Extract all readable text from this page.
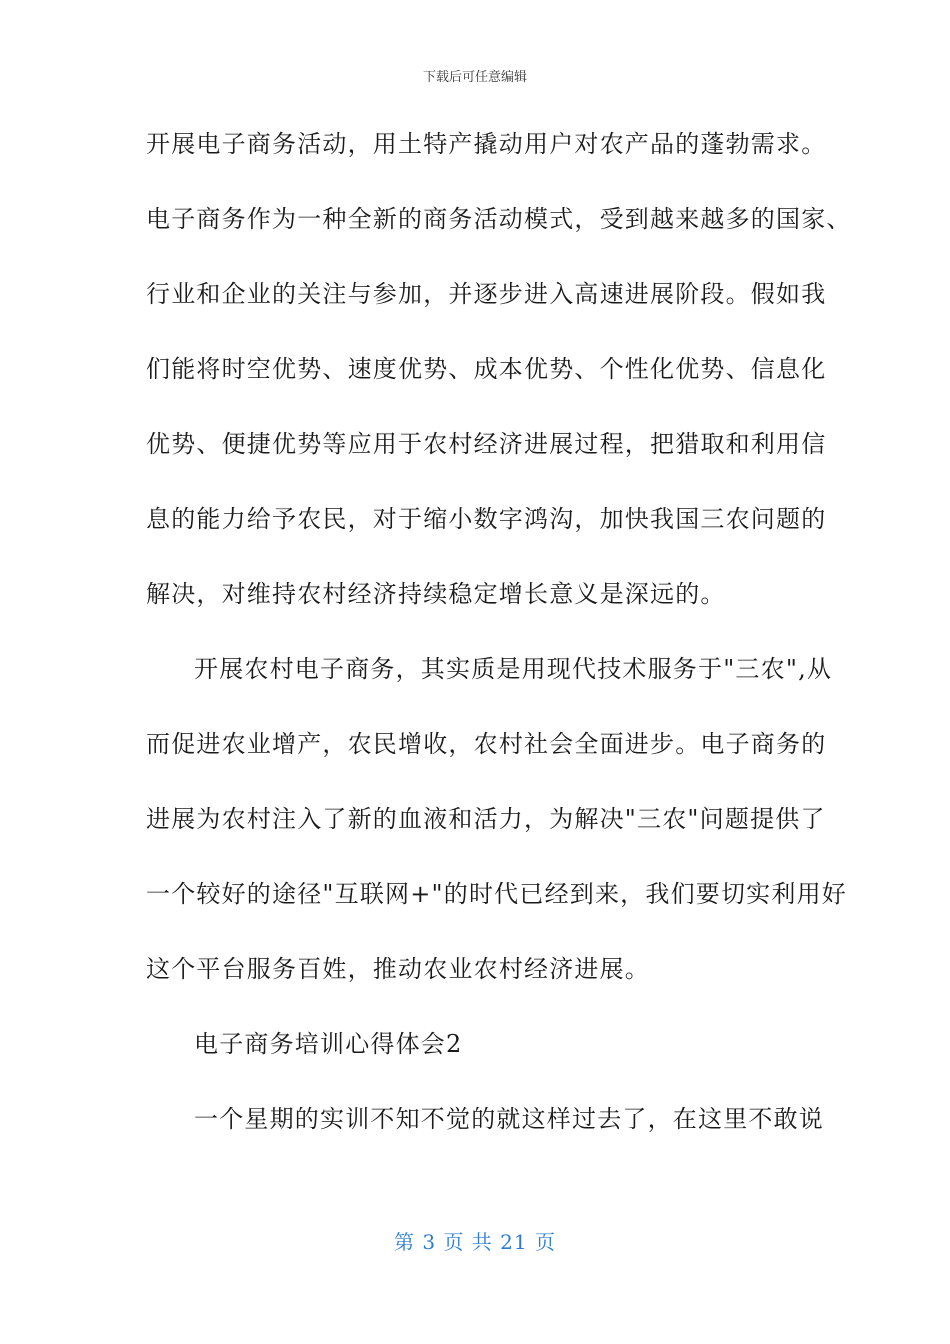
下载后可任意编辑
开展电子商务活动，用土特产撬动用户对农产品的蓬勃需求。
电子商务作为一种全新的商务活动模式，受到越来越多的国家、
行业和企业的关注与参加，并逐步进入高速进展阶段。假如我
们能将时空优势、速度优势、成本优势、个性化优势、信息化
优势、便捷优势等应用于农村经济进展过程，把猎取和利用信
息的能力给予农民，对于缩小数字鸿沟，加快我国三农问题的
解决，对维持农村经济持续稳定增长意义是深远的。
开展农村电子商务，其实质是用现代技术服务于"三农",从
而促进农业增产，农民增收，农村社会全面进步。电子商务的
进展为农村注入了新的血液和活力，为解决"三农"问题提供了
一个较好的途径"互联网+"的时代已经到来，我们要切实利用好
这个平台服务百姓，推动农业农村经济进展。
电子商务培训心得体会2
一个星期的实训不知不觉的就这样过去了，在这里不敢说
第 3 页 共 21 页
